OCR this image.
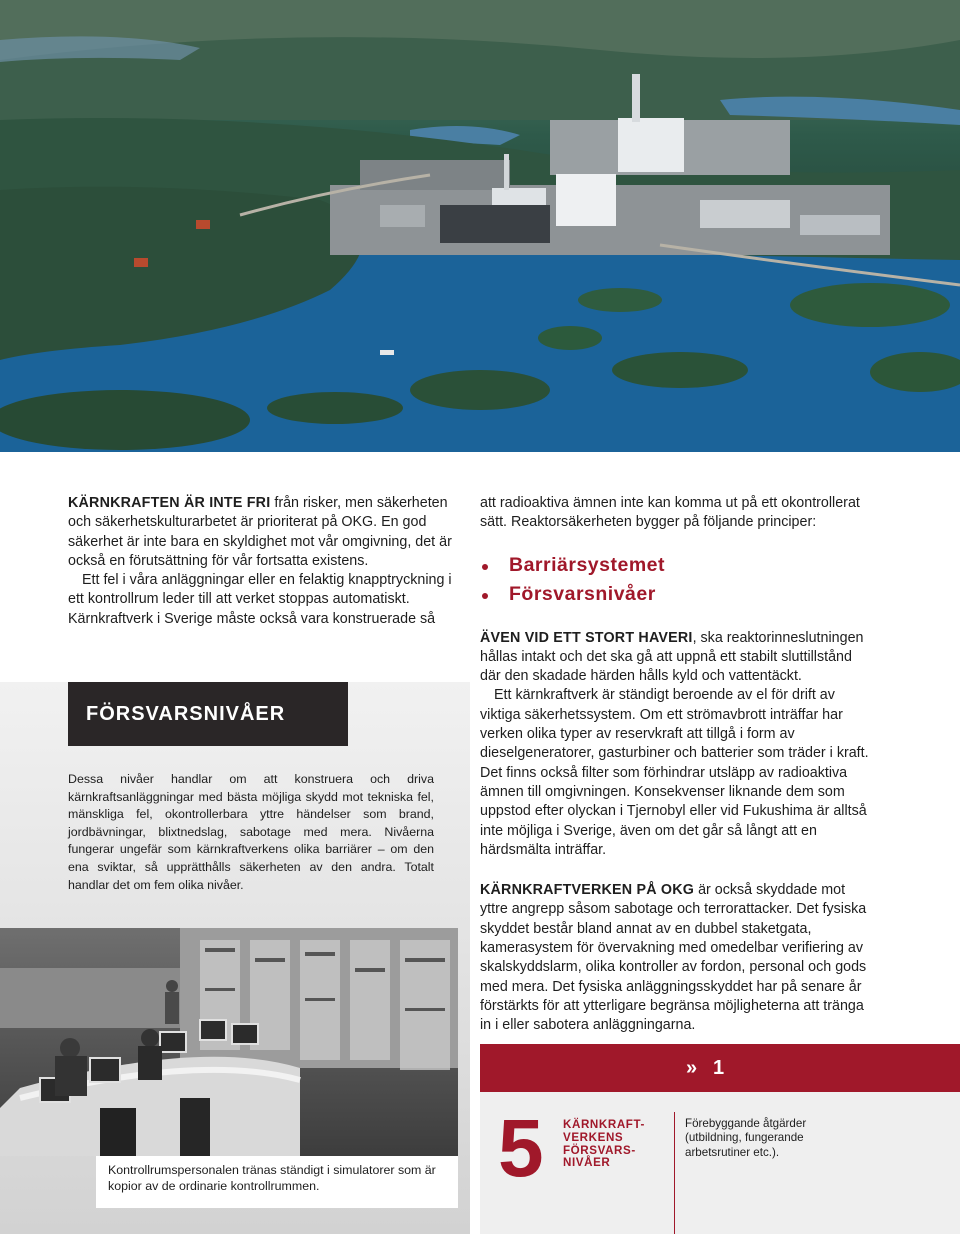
KÄRNKRAFTEN ÄR INTE FRI från risker, men säkerheten och säkerhetskulturarbetet är prioriterat på OKG. En god säkerhet är inte bara en skyldighet mot vår omgivning, det är också en förutsättning för vår fortsatta existens.

Ett fel i våra anläggningar eller en felaktig knapptryckning i ett kontrollrum leder till att verket stoppas automatiskt. Kärnkraftverk i Sverige måste också vara konstruerade så

FÖRSVARSNIVÅER

Dessa nivåer handlar om att konstruera och driva kärnkraftsanläggningar med bästa möjliga skydd mot tekniska fel, mänskliga fel, okontrollerbara yttre händelser som brand, jordbävningar, blixtnedslag, sabotage med mera. Nivåerna fungerar ungefär som kärnkraftverkens olika barriärer – om den ena sviktar, så upprätthålls säkerheten av den andra. Totalt handlar det om fem olika nivåer.

Kontrollrumspersonalen tränas ständigt i simulatorer som är kopior av de ordinarie kontrollrummen.

att radioaktiva ämnen inte kan komma ut på ett okontrollerat sätt. Reaktorsäkerheten bygger på följande principer:

Barriärsystemet
Försvarsnivåer

ÄVEN VID ETT STORT HAVERI, ska reaktorinneslutningen hållas intakt och det ska gå att uppnå ett stabilt sluttillstånd där den skadade härden hålls kyld och vattentäckt.

Ett kärnkraftverk är ständigt beroende av el för drift av viktiga säkerhetssystem. Om ett strömavbrott inträffar har verken olika typer av reservkraft att tillgå i form av dieselgeneratorer, gasturbiner och batterier som träder i kraft. Det finns också filter som förhindrar utsläpp av radioaktiva ämnen till omgivningen. Konsekvenser liknande dem som uppstod efter olyckan i Tjernobyl eller vid Fukushima är alltså inte möjliga i Sverige, även om det går så långt att en härdsmälta inträffar.

KÄRNKRAFTVERKEN PÅ OKG är också skyddade mot yttre angrepp såsom sabotage och terrorattacker. Det fysiska skyddet består bland annat av en dubbel staketgata, kamerasystem för övervakning med omedelbar verifiering av skalskyddslarm, olika kontroller av fordon, personal och gods med mera. Det fysiska anläggningsskyddet har på senare år förstärkts för att ytterligare begränsa möjligheterna att tränga in i eller sabotera anläggningarna.

» 1
5 KÄRNKRAFT-VERKENS FÖRSVARS-NIVÅER
Förebyggande åtgärder (utbildning, fungerande arbetsrutiner etc.).
